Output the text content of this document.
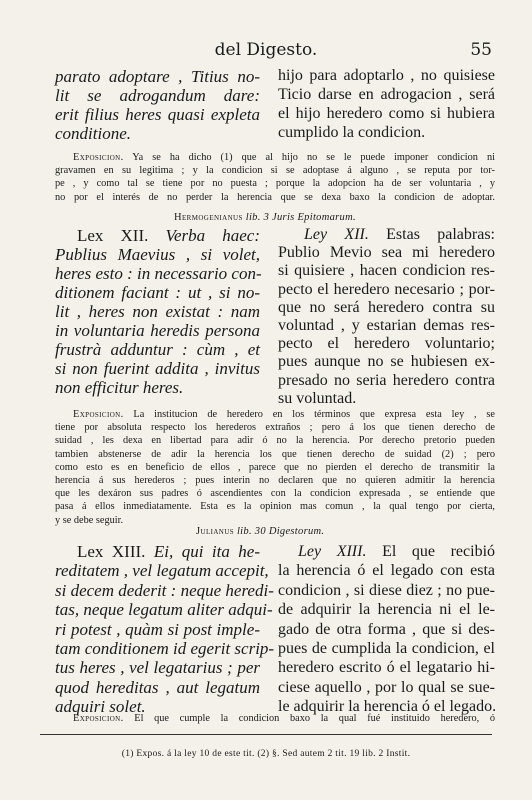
del Digesto.	55
parato adoptare , Titius no-
lit se adrogandum dare:
erit filius heres quasi expleta
conditione.
hijo para adoptarlo , no quisiese
Ticio darse en adrogacion , será
el hijo heredero como si hubiera
cumplido la condicion.
Exposicion. Ya se ha dicho (1) que al hijo no se le puede imponer condicion ni
gravamen en su legitima ; y la condicion si se adoptase á alguno , se reputa por tor-
pe , y como tal se tiene por no puesta ; porque la adopcion ha de ser voluntaria , y
no por el interés de no perder la herencia que se dexa baxo la condicion de adoptar.
Hermogenianus lib. 3 Juris Epitomarum.
Lex XII. Verba haec:
Publius Maevius , si volet,
heres esto : in necessario con-
ditionem faciant : ut , si no-
lit , heres non existat : nam
in voluntaria heredis persona
frustrà adduntur : cùm , et
si non fuerint addita , invitus
non efficitur heres.
Ley XII. Estas palabras:
Publio Mevio sea mi heredero
si quisiere , hacen condicion res-
pecto el heredero necesario ; por-
que no será heredero contra su
voluntad , y estarian demas res-
pecto el heredero voluntario;
pues aunque no se hubiesen ex-
presado no seria heredero contra
su voluntad.
Exposicion. La institucion de heredero en los términos que expresa esta ley , se
tiene por absoluta respecto los herederos extraños ; pero á los que tienen derecho de
suidad , les dexa en libertad para adir ó no la herencia. Por derecho pretorio pueden
tambien abstenerse de adir la herencia los que tienen derecho de suidad (2) ; pero
como esto es en beneficio de ellos , parece que no pierden el derecho de transmitir la
herencia á sus herederos ; pues interin no declaren que no quieren admitir la herencia
que les dexáron sus padres ó ascendientes con la condicion expresada , se entiende que
pasa á ellos inmediatamente. Esta es la opinion mas comun , la qual tengo por cierta,
y se debe seguir.
Julianus lib. 30 Digestorum.
Lex XIII. Ei, qui ita he-
reditatem , vel legatum accepit,
si decem dederit : neque heredi-
tas, neque legatum aliter adqui-
ri potest , quàm si post imple-
tam conditionem id egerit scrip-
tus heres , vel legatarius ; per
quod hereditas , aut legatum
adquiri solet.
Ley XIII. El que recibió
la herencia ó el legado con esta
condicion , si diese diez ; no pue-
de adquirir la herencia ni el le-
gado de otra forma , que si des-
pues de cumplida la condicion, el
heredero escrito ó el legatario hi-
ciese aquello , por lo qual se sue-
le adquirir la herencia ó el legado.
Exposicion. El que cumple la condicion baxo la qual fué instituido heredero, ó
(1) Expos. á la ley 10 de este tit. (2) §. Sed autem 2 tit. 19 lib. 2 Instit.
